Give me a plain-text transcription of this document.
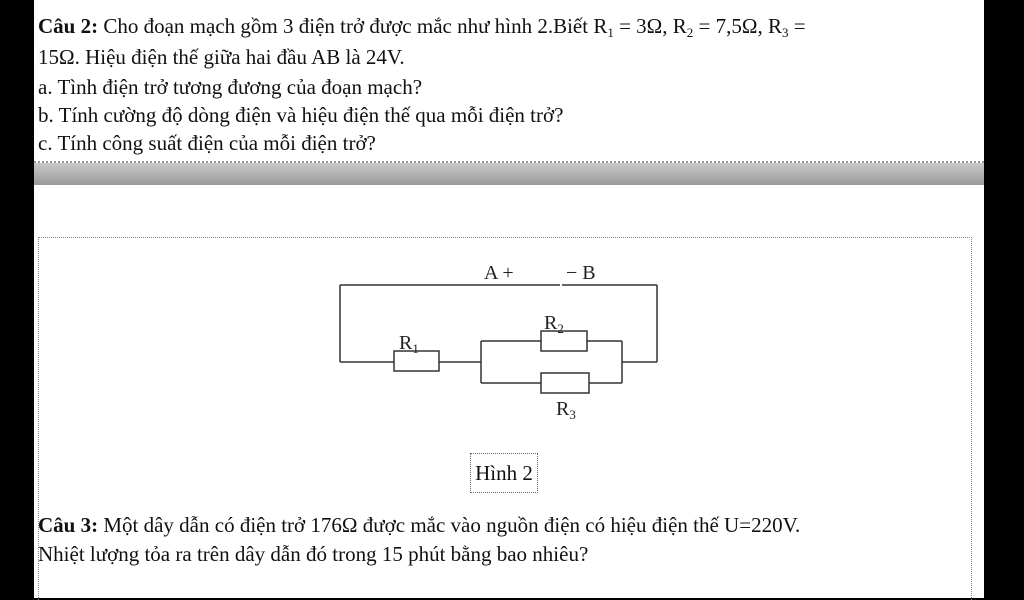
Câu 2: Cho đoạn mạch gồm 3 điện trở được mắc như hình 2.Biết $R_1 = 3\Omega$, $R_2 = 7,5\Omega$, $R_3$ =
15Ω. Hiệu điện thế giữa hai đầu AB là 24V.
a. Tình điện trở tương đương của đoạn mạch?
b. Tính cường độ dòng điện và hiệu điện thế qua mỗi điện trở?
c. Tính công suất điện của mỗi điện trở?
A +	− B
$R_1$
$R_2$
$R_3$
Hình 2
Câu 3: Một dây dẫn có điện trở 176Ω được mắc vào nguồn điện có hiệu điện thế U=220V.
Nhiệt lượng tỏa ra trên dây dẫn đó trong 15 phút bằng bao nhiêu?
